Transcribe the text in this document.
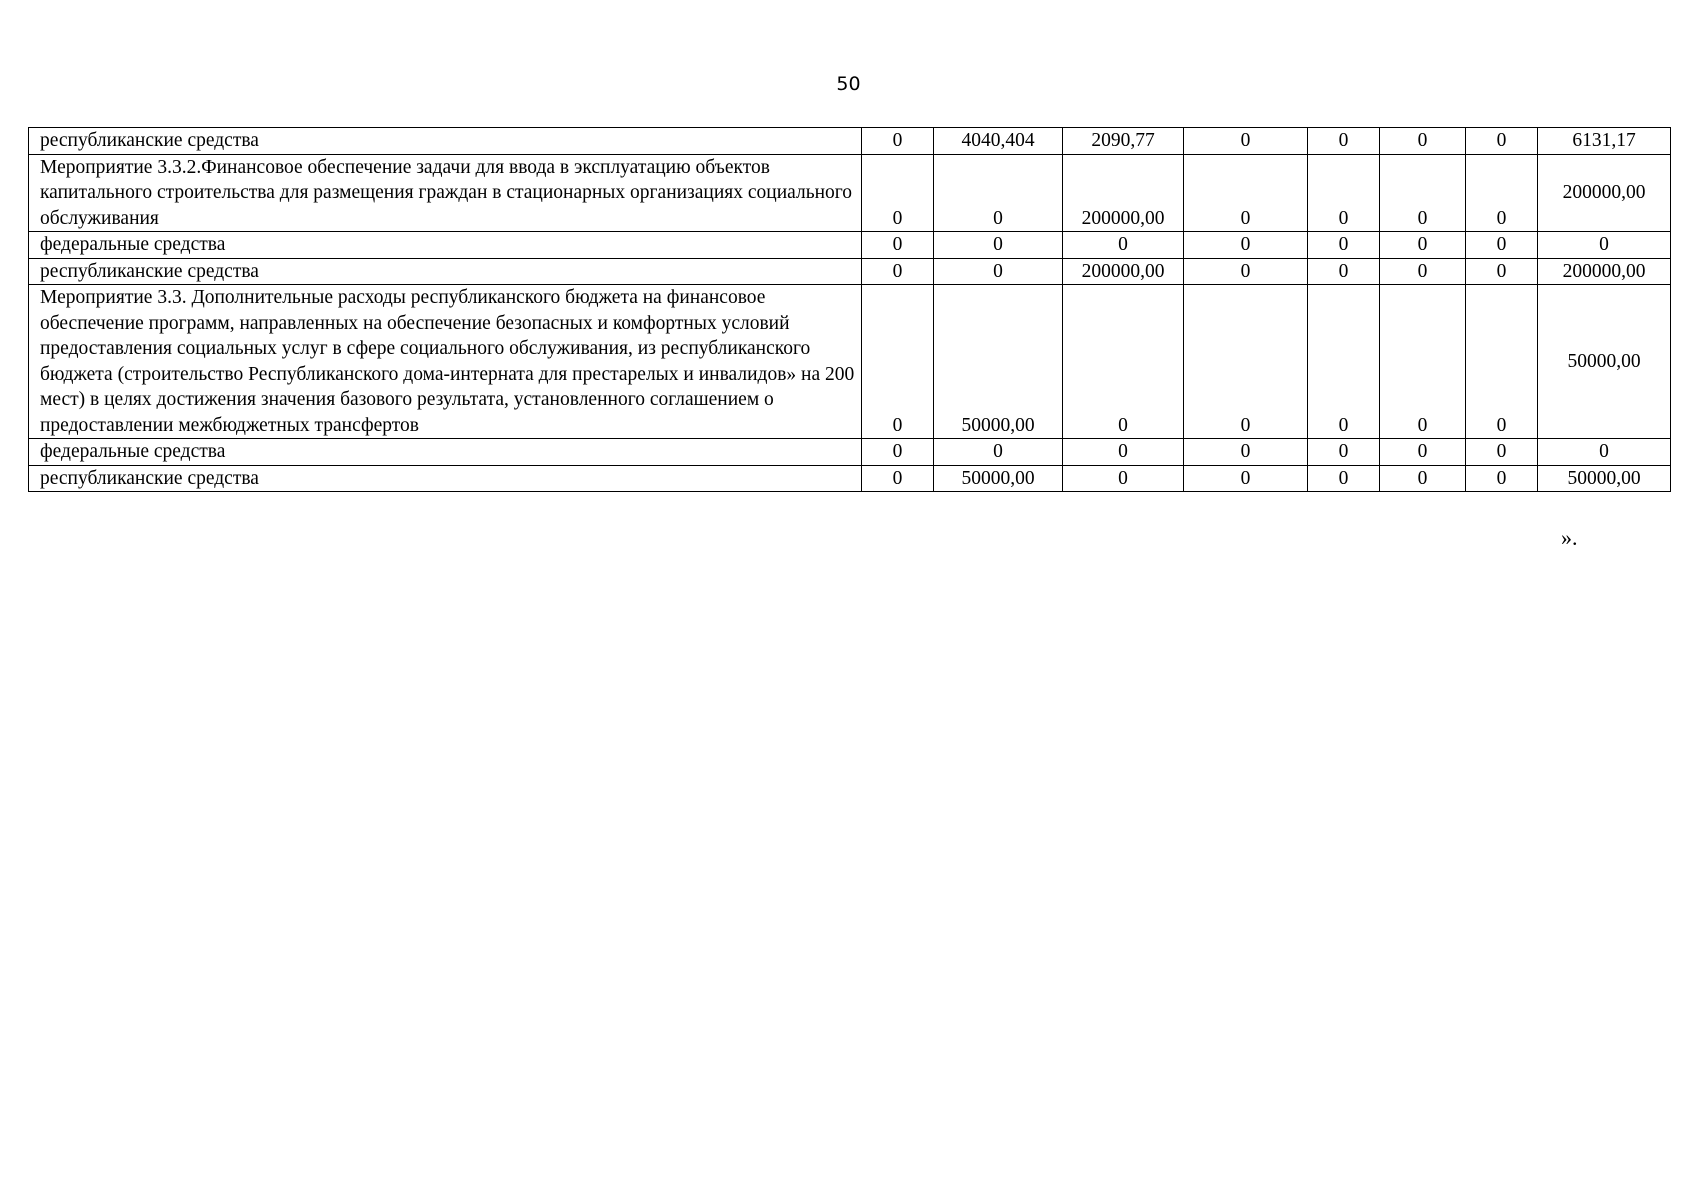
50
республиканские средства	0	4040,404	2090,77	0	0	0	0	6131,17
Мероприятие 3.3.2.Финансовое обеспечение задачи для ввода в эксплуатацию объектов капитального строительства для размещения граждан в стационарных организациях социального обслуживания	0	0	200000,00	0	0	0	0	200000,00
федеральные средства	0	0	0	0	0	0	0	0
республиканские средства	0	0	200000,00	0	0	0	0	200000,00
Мероприятие 3.3. Дополнительные расходы республиканского бюджета на финансовое обеспечение программ, направленных на обеспечение безопасных и комфортных условий предоставления социальных услуг в сфере социального обслуживания, из республиканского бюджета (строительство Республиканского дома-интерната для престарелых и инвалидов» на 200 мест) в целях достижения значения базового результата, установленного соглашением о предоставлении межбюджетных трансфертов	0	50000,00	0	0	0	0	0	50000,00
федеральные средства	0	0	0	0	0	0	0	0
республиканские средства	0	50000,00	0	0	0	0	0	50000,00
».
